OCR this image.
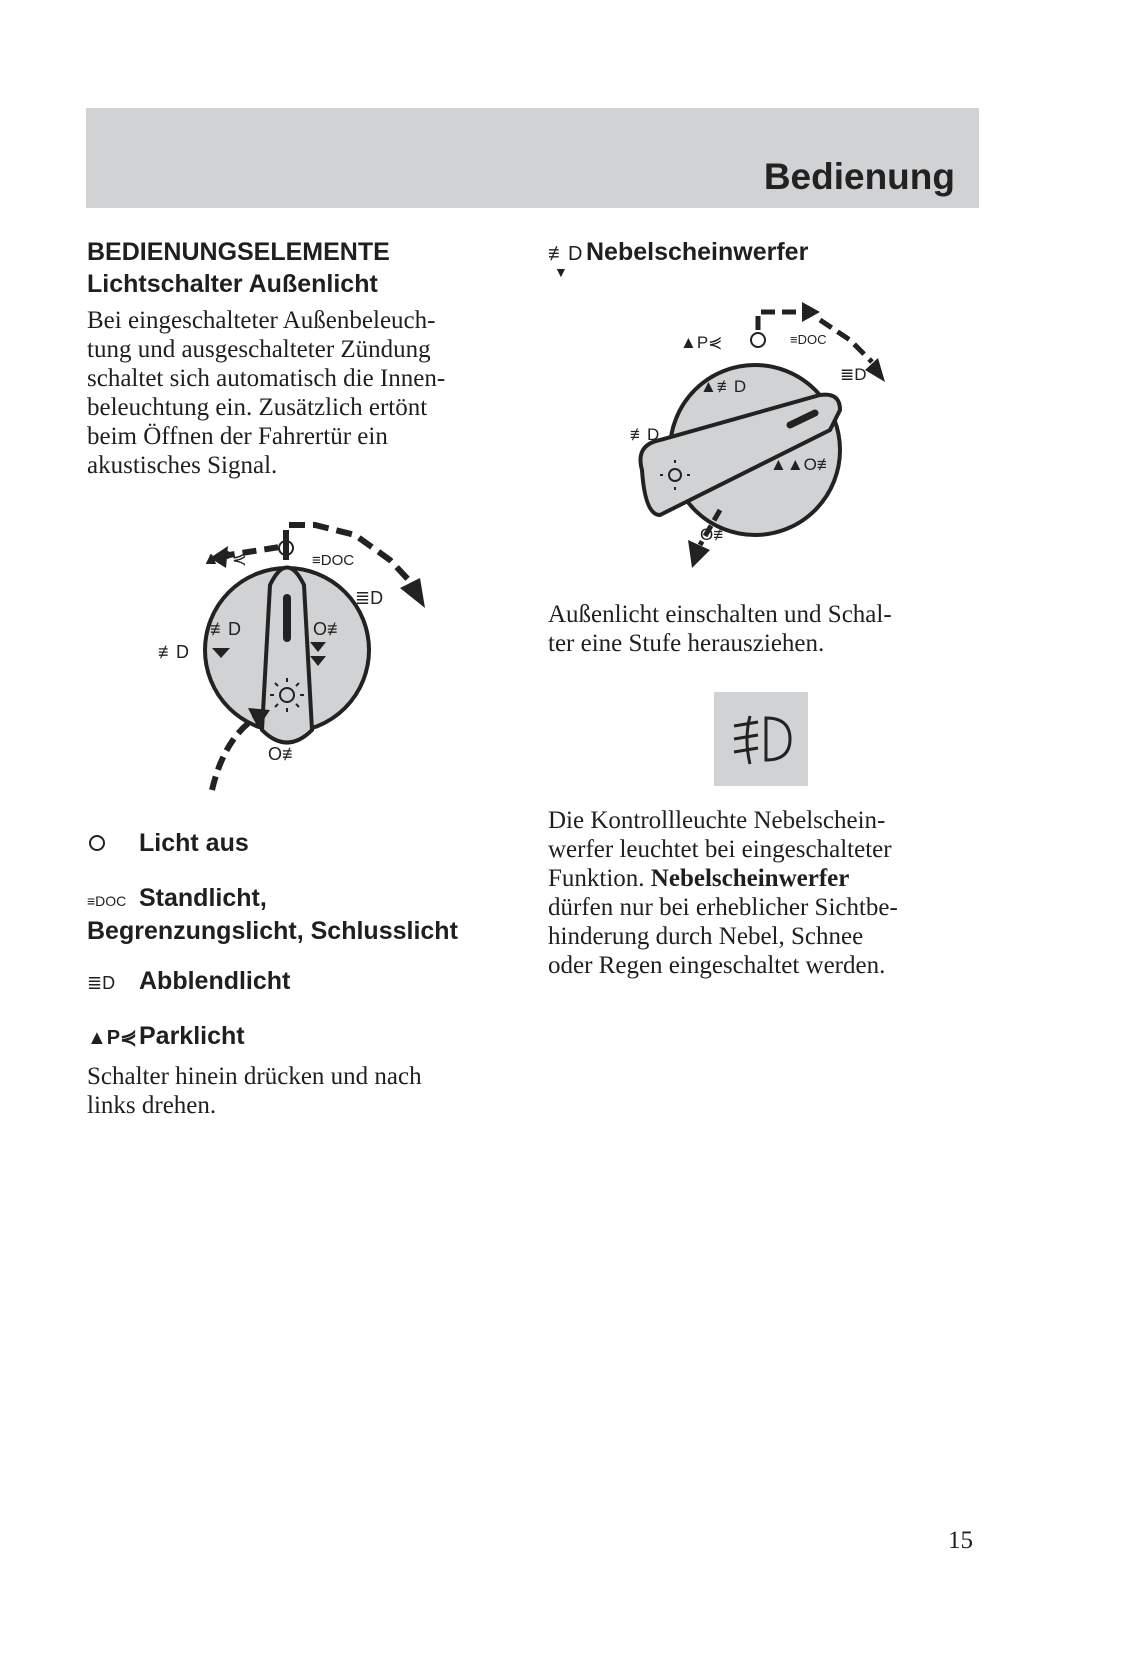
Bedienung
BEDIENUNGSELEMENTE
Lichtschalter Außenlicht

Bei eingeschalteter Außenbeleuch-

tung und ausgeschalteter Zündung

schaltet sich automatisch die Innen-

beleuchtung ein. Zusätzlich ertönt

beim Öffnen der Fahrertür ein

akustisches Signal.

▲P⋞	≡DOC
≣D
≢D
O≢
≢D	O≢
Licht aus
≡DOC Standlicht,
Begrenzungslicht, Schlusslicht
≣D Abblendlicht
▲P⋞Parklicht

Schalter hinein drücken und nach

links drehen.

≢D
▼
Nebelscheinwerfer
▲P⋞	≡DOC
≣D
≢D
O≢
▲≢D
▲▲O≢

Außenlicht einschalten und Schal-

ter eine Stufe herausziehen.

Die Kontrollleuchte Nebelschein-

werfer leuchtet bei eingeschalteter

Funktion. Nebelscheinwerfer

dürfen nur bei erheblicher Sichtbe-

hinderung durch Nebel, Schnee

oder Regen eingeschaltet werden.

15
